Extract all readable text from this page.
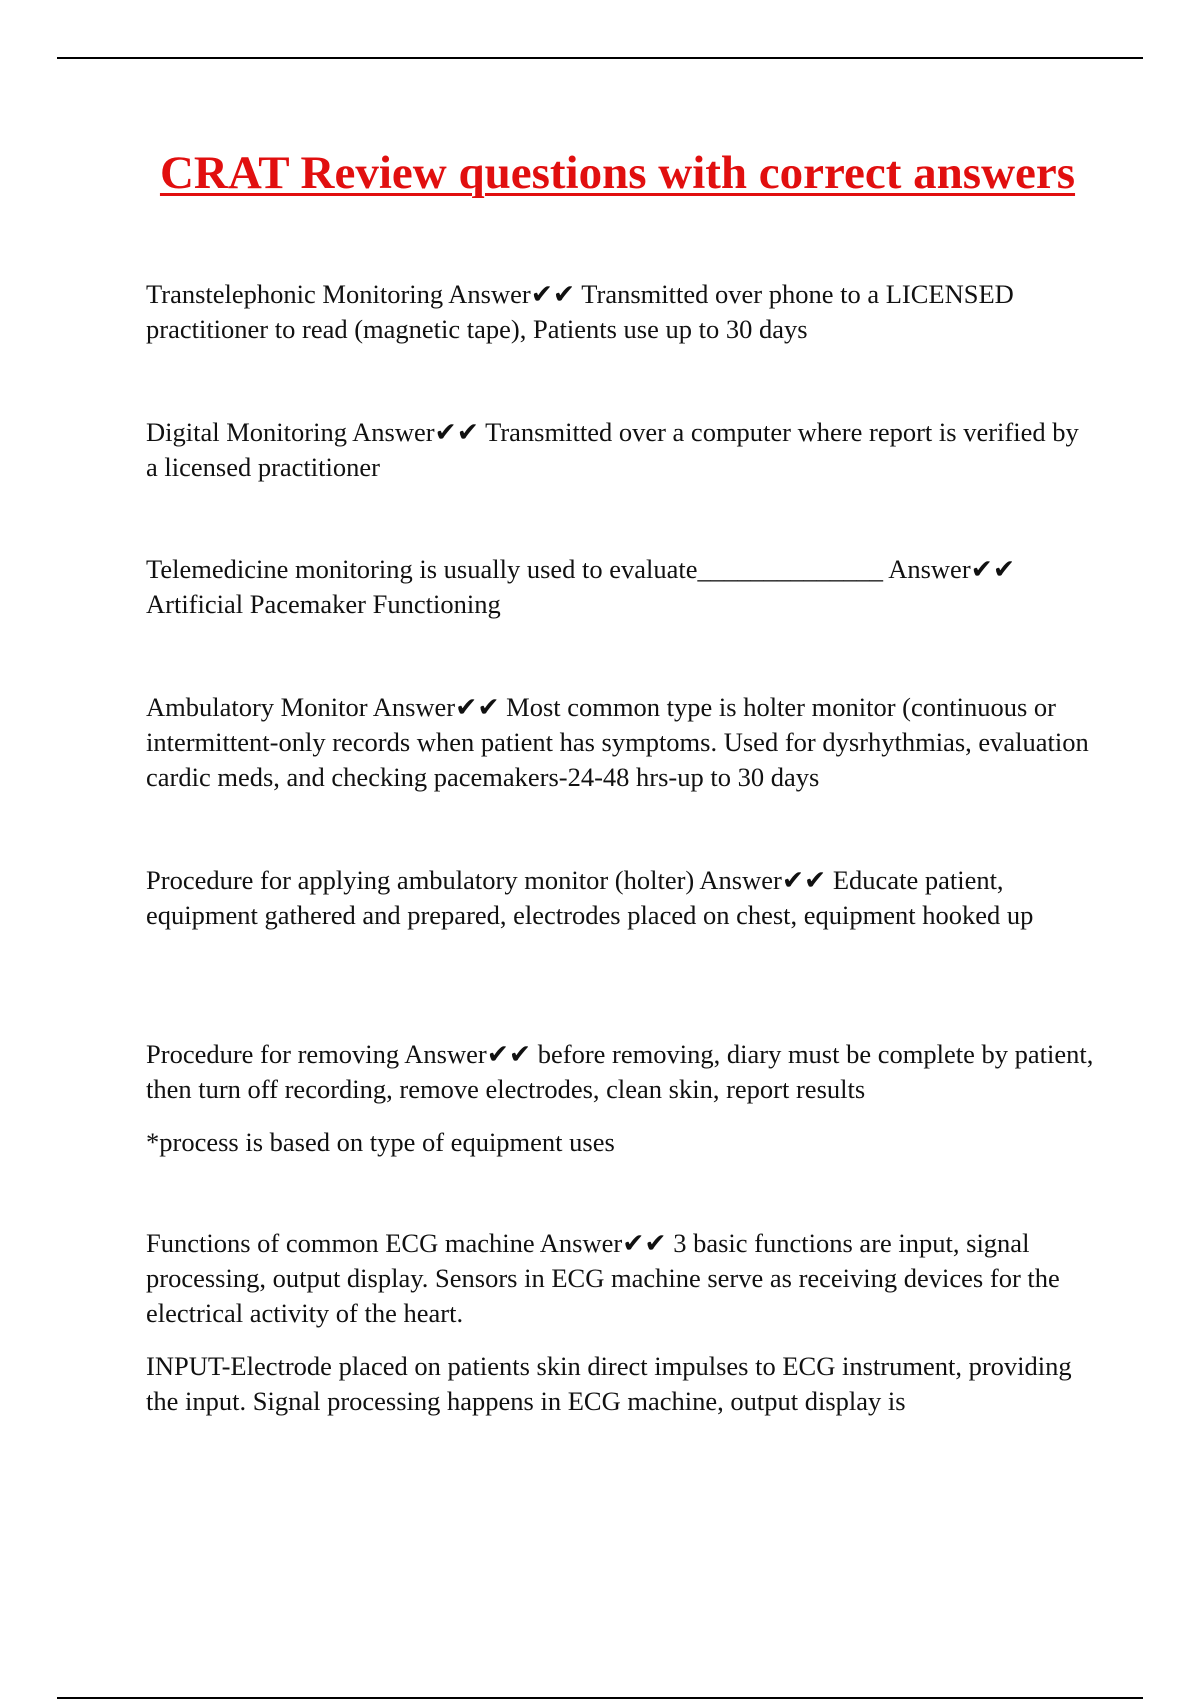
CRAT Review questions with correct answers

Transtelephonic Monitoring Answer✔✔ Transmitted over phone to a LICENSED practitioner to read (magnetic tape), Patients use up to 30 days

Digital Monitoring Answer✔✔ Transmitted over a computer where report is verified by a licensed practitioner

Telemedicine monitoring is usually used to evaluate______________ Answer✔✔ Artificial Pacemaker Functioning

Ambulatory Monitor Answer✔✔ Most common type is holter monitor (continuous or intermittent-only records when patient has symptoms. Used for dysrhythmias, evaluation cardic meds, and checking pacemakers-24-48 hrs-up to 30 days

Procedure for applying ambulatory monitor (holter) Answer✔✔ Educate patient, equipment gathered and prepared, electrodes placed on chest, equipment hooked up

Procedure for removing Answer✔✔ before removing, diary must be complete by patient, then turn off recording, remove electrodes, clean skin, report results

*process is based on type of equipment uses

Functions of common ECG machine Answer✔✔ 3 basic functions are input, signal processing, output display. Sensors in ECG machine serve as receiving devices for the electrical activity of the heart.

INPUT-Electrode placed on patients skin direct impulses to ECG instrument, providing the input. Signal processing happens in ECG machine, output display is
